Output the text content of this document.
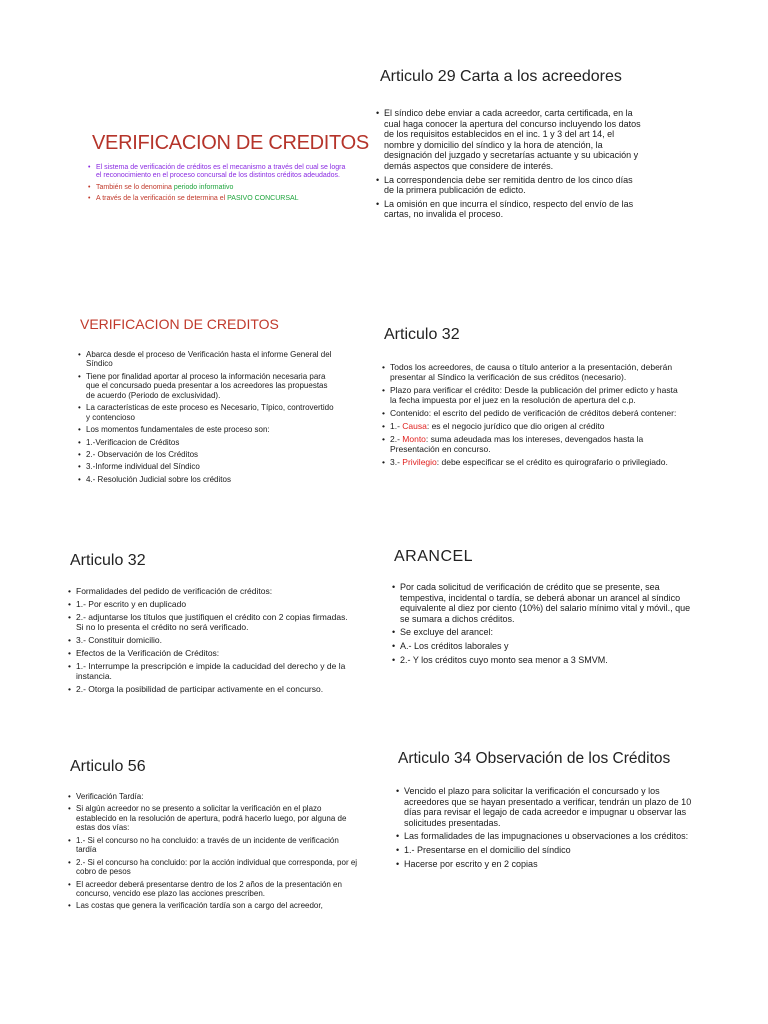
VERIFICACION DE CREDITOS
• El sistema de verificación de créditos es el mecanismo a través del cual se logra el reconocimiento en el proceso concursal de los distintos créditos adeudados.
• También se lo denomina periodo informativo
• A través de la verificación se determina el PASIVO CONCURSAL
Articulo 29 Carta a los acreedores
• El síndico debe enviar a cada acreedor, carta certificada, en la cual haga conocer la apertura del concurso incluyendo los datos de los requisitos establecidos en el inc. 1 y 3 del art 14, el nombre y domicilio del síndico y la hora de atención, la designación del juzgado y secretarías actuante y su ubicación y demás aspectos que considere de interés.
• La correspondencia debe ser remitida dentro de los cinco días de la primera publicación de edicto.
• La omisión en que incurra el síndico, respecto del envío de las cartas, no invalida el proceso.
VERIFICACION DE CREDITOS
• Abarca desde el proceso de Verificación hasta el informe General del Síndico
• Tiene por finalidad aportar al proceso la información necesaria para que el concursado pueda presentar a los acreedores las propuestas de acuerdo (Periodo de exclusividad).
• La características de este proceso es Necesario, Típico, controvertido y contencioso
• Los momentos fundamentales de este proceso son:
• 1.-Verificacion de Créditos
• 2.- Observación de los Créditos
• 3.-Informe individual del Síndico
• 4.- Resolución Judicial sobre los créditos
Articulo 32
• Todos los acreedores, de causa o título anterior a la presentación, deberán presentar al Síndico la verificación de sus créditos (necesario).
• Plazo para verificar el crédito: Desde la publicación del primer edicto y hasta la fecha impuesta por el juez en la resolución de apertura del c.p.
• Contenido: el escrito del pedido de verificación de créditos deberá contener:
• 1.- Causa: es el negocio jurídico que dio origen al crédito
• 2.- Monto: suma adeudada mas los intereses, devengados hasta la Presentación en concurso.
• 3.- Privilegio: debe especificar se el crédito es quirografario o privilegiado.
Articulo 32
• Formalidades del pedido de verificación de créditos:
• 1.- Por escrito y en duplicado
• 2.- adjuntarse los títulos que justifiquen el crédito con 2 copias firmadas. Si no lo presenta el crédito no será verificado.
• 3.- Constituir domicilio.
• Efectos de la Verificación de Créditos:
• 1.- Interrumpe la prescripción e impide la caducidad del derecho y de la instancia.
• 2.- Otorga la posibilidad de participar activamente en el concurso.
ARANCEL
• Por cada solicitud de verificación de crédito que se presente, sea tempestiva, incidental o tardía, se deberá abonar un arancel al síndico equivalente al diez por ciento (10%) del salario mínimo vital y móvil., que se sumara a dichos créditos.
• Se excluye del arancel:
• A.- Los créditos laborales y
• 2.- Y los créditos cuyo monto sea menor a 3 SMVM.
Articulo 56
• Verificación Tardía:
• Si algún acreedor no se presento a solicitar la verificación en el plazo establecido en la resolución de apertura, podrá hacerlo luego, por alguna de estas dos vías:
• 1.- Si el concurso no ha concluido: a través de un incidente de verificación tardía
• 2.- Si el concurso ha concluido: por la acción individual que corresponda, por ej cobro de pesos
• El acreedor deberá presentarse dentro de los 2 años de la presentación en concurso, vencido ese plazo las acciones prescriben.
• Las costas que genera la verificación tardía son a cargo del acreedor,
Articulo 34 Observación de los Créditos
• Vencido el plazo para solicitar la verificación el concursado y los acreedores que se hayan presentado a verificar, tendrán un plazo de 10 días para revisar el legajo de cada acreedor e impugnar u observar las solicitudes presentadas.
• Las formalidades de las impugnaciones u observaciones a los créditos:
• 1.- Presentarse en el domicilio del síndico
• Hacerse por escrito y en 2 copias
